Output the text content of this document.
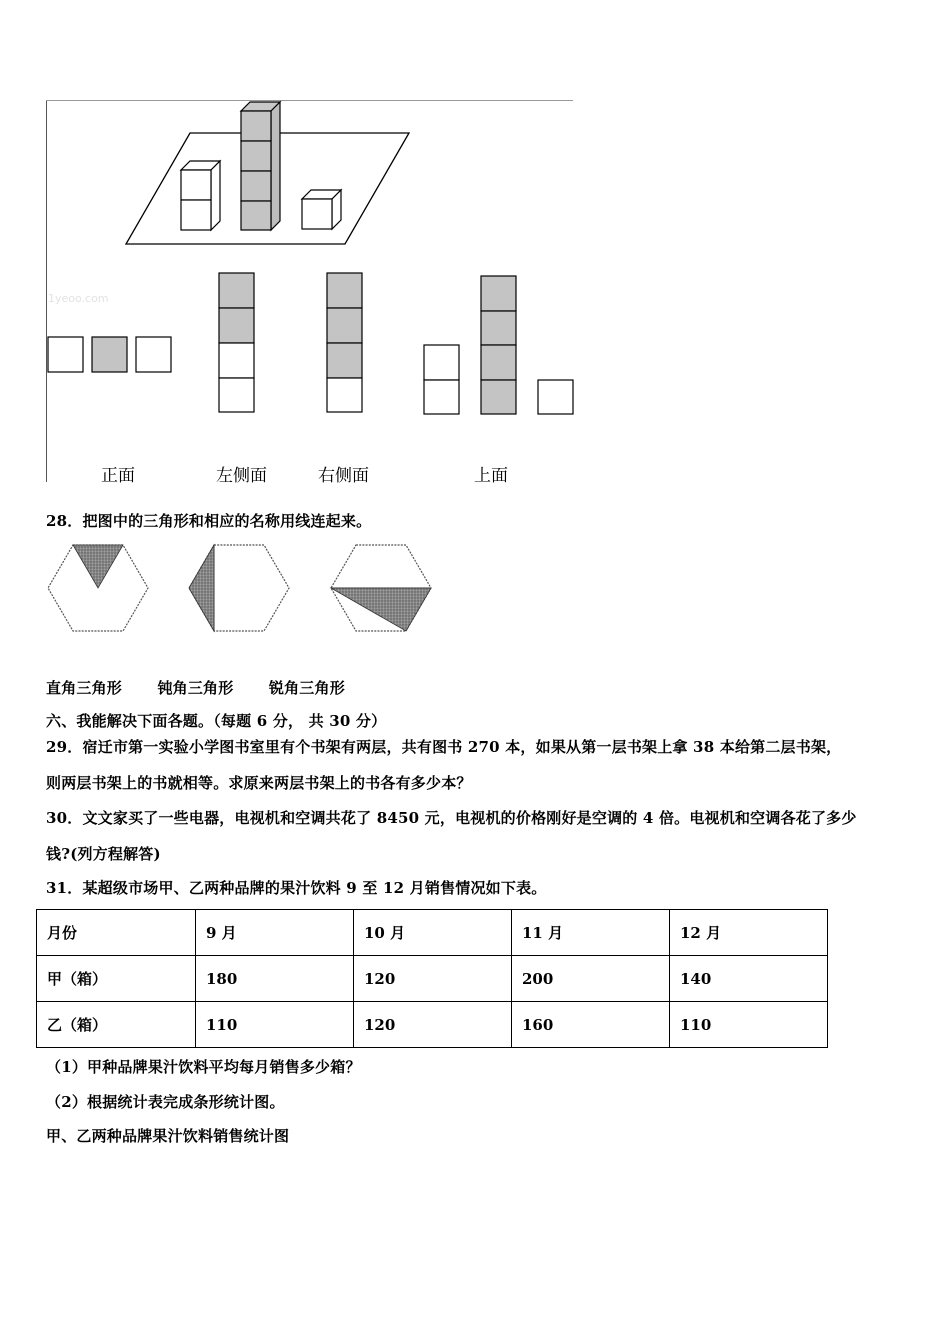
1yeoo.com
正面	左侧面	右侧面	上面
28．把图中的三角形和相应的名称用线连起来。
直角三角形 钝角三角形 锐角三角形
六、我能解决下面各题。（每题 6 分， 共 30 分）
29．宿迁市第一实验小学图书室里有个书架有两层，共有图书 270 本，如果从第一层书架上拿 38 本给第二层书架，
则两层书架上的书就相等。求原来两层书架上的书各有多少本？
30．文文家买了一些电器，电视机和空调共花了 8450 元，电视机的价格刚好是空调的 4 倍。电视机和空调各花了多少
钱?(列方程解答)
31．某超级市场甲、乙两种品牌的果汁饮料 9 至 12 月销售情况如下表。
月份	9 月	10 月	11 月	12 月
甲（箱）	180	120	200	140
乙（箱）	110	120	160	110
（1）甲种品牌果汁饮料平均每月销售多少箱？
（2）根据统计表完成条形统计图。
甲、乙两种品牌果汁饮料销售统计图
